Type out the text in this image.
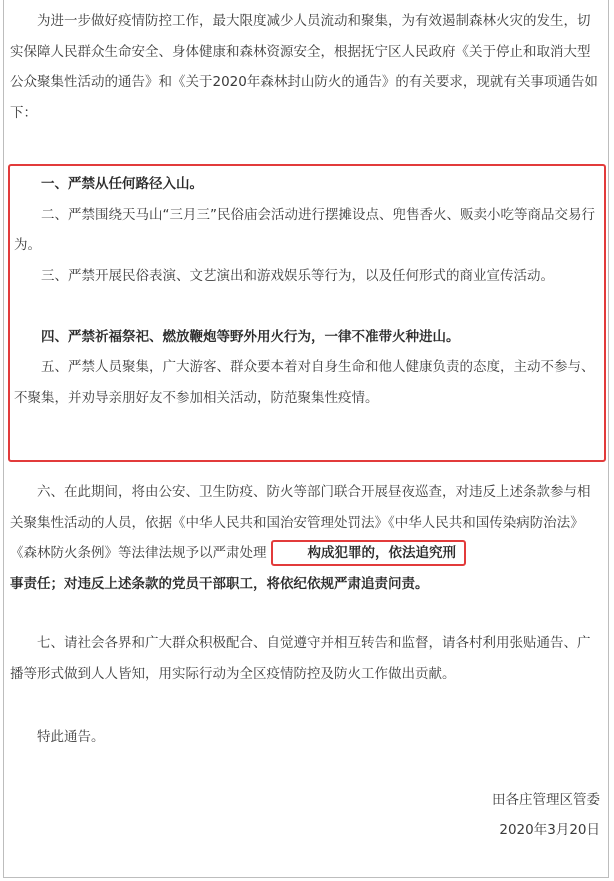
为进一步做好疫情防控工作，最大限度减少人员流动和聚集，为有效遏制森林火灾的发生，切实保障人民群众生命安全、身体健康和森林资源安全，根据抚宁区人民政府《关于停止和取消大型公众聚集性活动的通告》和《关于2020年森林封山防火的通告》的有关要求，现就有关事项通告如下：

一、严禁从任何路径入山。

二、严禁围绕天马山“三月三”民俗庙会活动进行摆摊设点、兜售香火、贩卖小吃等商品交易行为。

三、严禁开展民俗表演、文艺演出和游戏娱乐等行为，以及任何形式的商业宣传活动。

四、严禁祈福祭祀、燃放鞭炮等野外用火行为，一律不准带火种进山。

五、严禁人员聚集，广大游客、群众要本着对自身生命和他人健康负责的态度，主动不参与、不聚集，并劝导亲朋好友不参加相关活动，防范聚集性疫情。

六、在此期间，将由公安、卫生防疫、防火等部门联合开展昼夜巡查，对违反上述条款参与相关聚集性活动的人员，依据《中华人民共和国治安管理处罚法》《中华人民共和国传染病防治法》《森林防火条例》等法律法规予以严肃处理	构成犯罪的，依法追究刑
事责任；对违反上述条款的党员干部职工，将依纪依规严肃追责问责。

七、请社会各界和广大群众积极配合、自觉遵守并相互转告和监督，请各村利用张贴通告、广播等形式做到人人皆知，用实际行动为全区疫情防控及防火工作做出贡献。

特此通告。

田各庄管理区管委

2020年3月20日
